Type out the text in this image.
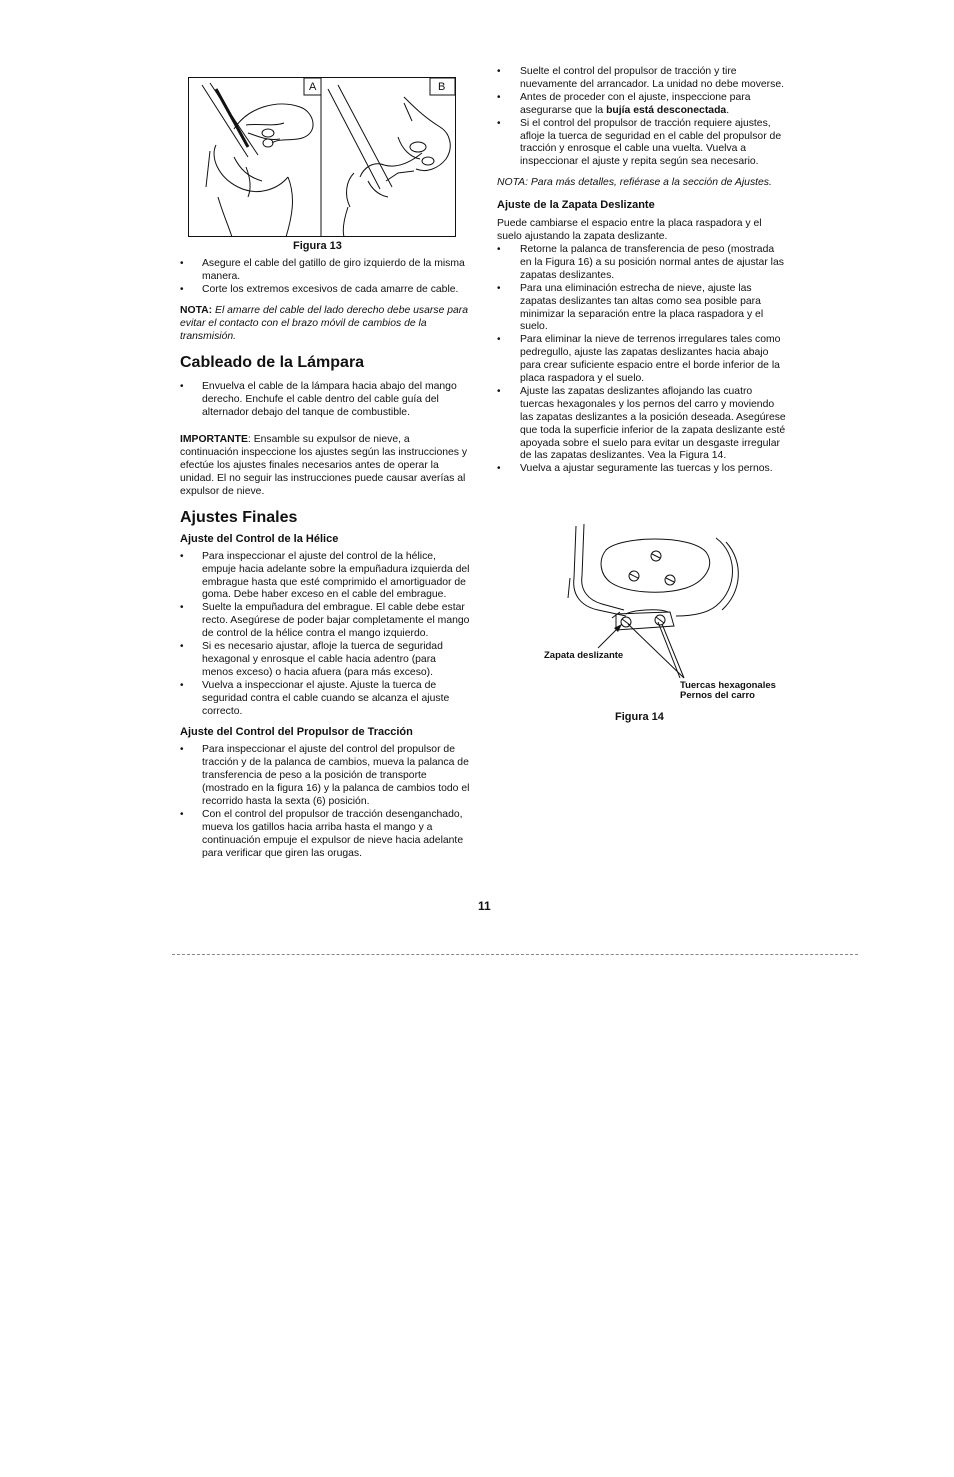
A	B
Figura 13
• Asegure el cable del gatillo de giro izquierdo de la misma manera.
• Corte los extremos excesivos de cada amarre de cable.

NOTA: El amarre del cable del lado derecho debe usarse para evitar el contacto con el brazo móvil de cambios de la transmisión.

Cableado de la Lámpara
• Envuelva el cable de la lámpara hacia abajo del mango derecho. Enchufe el cable dentro del cable guía del alternador debajo del tanque de combustible.

IMPORTANTE: Ensamble su expulsor de nieve, a continuación inspeccione los ajustes según las instrucciones y efectúe los ajustes finales necesarios antes de operar la unidad. El no seguir las instrucciones puede causar averías al expulsor de nieve.

Ajustes Finales
Ajuste del Control de la Hélice
• Para inspeccionar el ajuste del control de la hélice, empuje hacia adelante sobre la empuñadura izquierda del embrague hasta que esté comprimido el amortiguador de goma. Debe haber exceso en el cable del embrague.
• Suelte la empuñadura del embrague. El cable debe estar recto. Asegúrese de poder bajar completamente el mango de control de la hélice contra el mango izquierdo.
• Si es necesario ajustar, afloje la tuerca de seguridad hexagonal y enrosque el cable hacia adentro (para menos exceso) o hacia afuera (para más exceso).
• Vuelva a inspeccionar el ajuste. Ajuste la tuerca de seguridad contra el cable cuando se alcanza el ajuste correcto.
Ajuste del Control del Propulsor de Tracción
• Para inspeccionar el ajuste del control del propulsor de tracción y de la palanca de cambios, mueva la palanca de transferencia de peso a la posición de transporte (mostrado en la figura 16) y la palanca de cambios todo el recorrido hasta la sexta (6) posición.
• Con el control del propulsor de tracción desenganchado, mueva los gatillos hacia arriba hasta el mango y a continuación empuje el expulsor de nieve hacia adelante para verificar que giren las orugas.
• Suelte el control del propulsor de tracción y tire nuevamente del arrancador. La unidad no debe moverse.
• Antes de proceder con el ajuste, inspeccione para asegurarse que la bujía está desconectada.
• Si el control del propulsor de tracción requiere ajustes, afloje la tuerca de seguridad en el cable del propulsor de tracción y enrosque el cable una vuelta. Vuelva a inspeccionar el ajuste y repita según sea necesario.

NOTA: Para más detalles, refiérase a la sección de Ajustes.

Ajuste de la Zapata Deslizante

Puede cambiarse el espacio entre la placa raspadora y el suelo ajustando la zapata deslizante.

• Retorne la palanca de transferencia de peso (mostrada en la Figura 16) a su posición normal antes de ajustar las zapatas deslizantes.
• Para una eliminación estrecha de nieve, ajuste las zapatas deslizantes tan altas como sea posible para minimizar la separación entre la placa raspadora y el suelo.
• Para eliminar la nieve de terrenos irregulares tales como pedregullo, ajuste las zapatas deslizantes hacia abajo para crear suficiente espacio entre el borde inferior de la placa raspadora y el suelo.
• Ajuste las zapatas deslizantes aflojando las cuatro tuercas hexagonales y los pernos del carro y moviendo las zapatas deslizantes a la posición deseada. Asegúrese que toda la superficie inferior de la zapata deslizante esté apoyada sobre el suelo para evitar un desgaste irregular de las zapatas deslizantes. Vea la Figura 14.
• Vuelva a ajustar seguramente las tuercas y los pernos.
Zapata deslizante
Tuercas hexagonales
Pernos del carro
Figura 14
11
